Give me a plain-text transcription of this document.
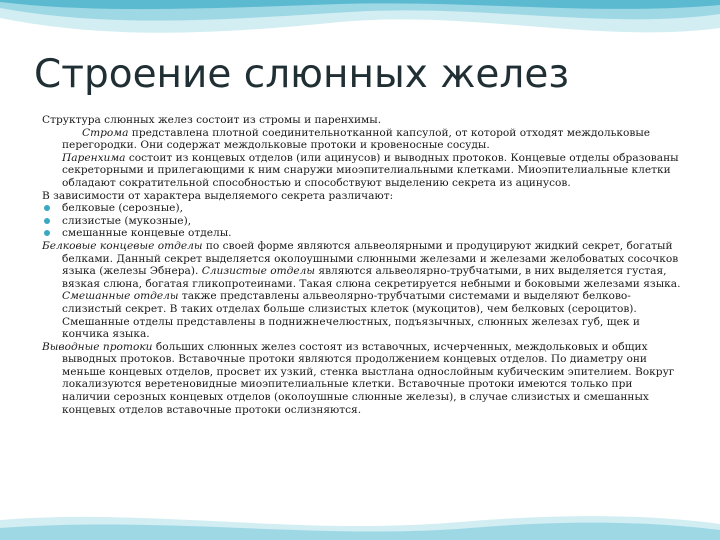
Строение слюнных желез

Структура слюнных желез состоит из стромы и паренхимы.

Строма представлена плотной соединительнотканной капсулой, от которой отходят междольковые перегородки. Они содержат междольковые протоки и кровеносные сосуды.

Паренхима состоит из концевых отделов (или ацинусов) и выводных протоков. Концевые отделы образованы секреторными и прилегающими к ним снаружи миоэпителиальными клетками. Миоэпителиальные клетки обладают сократительной способностью и способствуют выделению секрета из ацинусов.

В зависимости от характера выделяемого секрета различают:

белковые (серозные),
слизистые (мукозные),
смешанные концевые отделы.

Белковые концевые отделы по своей форме являются альвеолярными и продуцируют жидкий секрет, богатый белками. Данный секрет выделяется околоушными слюнными железами и железами желобоватых сосочков языка (железы Эбнера). Слизистые отделы являются альвеолярно-трубчатыми, в них выделяется густая, вязкая слюна, богатая гликопротеинами. Такая слюна секретируется небными и боковыми железами языка. Смешанные отделы также представлены альвеолярно-трубчатыми системами и выделяют белково-слизистый секрет. В таких отделах больше слизистых клеток (мукоцитов), чем белковых (сероцитов). Смешанные отделы представлены в поднижнечелюстных, подъязычных, слюнных железах губ, щек и кончика языка.

Выводные протоки больших слюнных желез состоят из вставочных, исчерченных, междольковых и общих выводных протоков. Вставочные протоки являются продолжением концевых отделов. По диаметру они меньше концевых отделов, просвет их узкий, стенка выстлана однослойным кубическим эпителием. Вокруг локализуются веретеновидные миоэпителиальные клетки. Вставочные протоки имеются только при наличии серозных концевых отделов (околоушные слюнные железы), в случае слизистых и смешанных концевых отделов вставочные протоки ослизняются.
